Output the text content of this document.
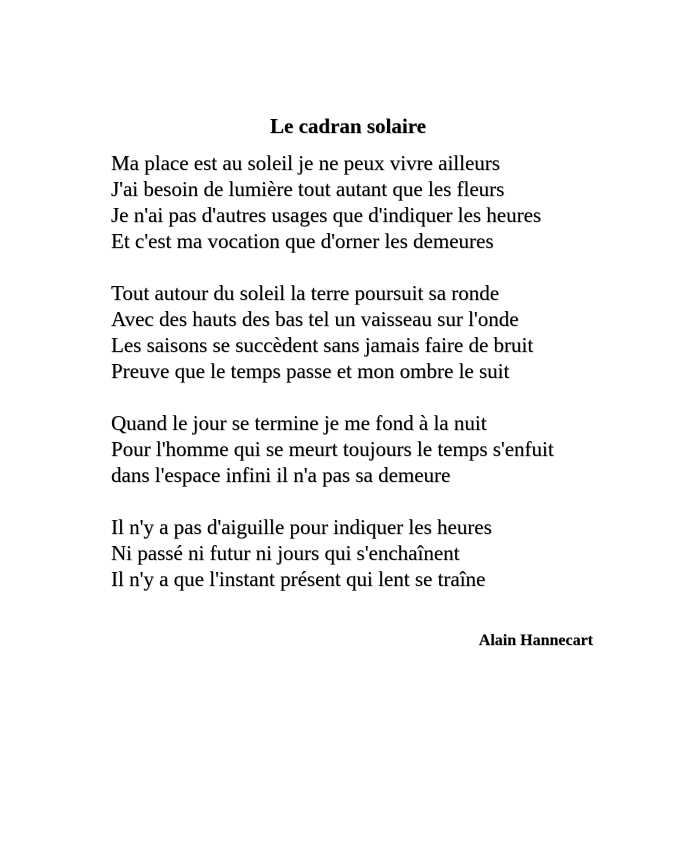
Le cadran solaire
Ma place est au soleil je ne peux vivre ailleurs
J'ai besoin de lumière tout autant que les fleurs
Je n'ai pas d'autres usages que d'indiquer les heures
Et c'est ma vocation que d'orner les demeures
Tout autour du soleil la terre poursuit sa ronde
Avec des hauts des bas tel un vaisseau sur l'onde
Les saisons se succèdent sans jamais faire de bruit
Preuve que le temps passe et mon ombre le suit
Quand le jour se termine je me fond à la nuit
Pour l'homme qui se meurt toujours le temps s'enfuit
dans l'espace infini il n'a pas sa demeure
Il n'y a pas d'aiguille pour indiquer les heures
Ni passé ni futur ni jours qui s'enchaînent
Il n'y a que l'instant présent qui lent se traîne
Alain Hannecart
